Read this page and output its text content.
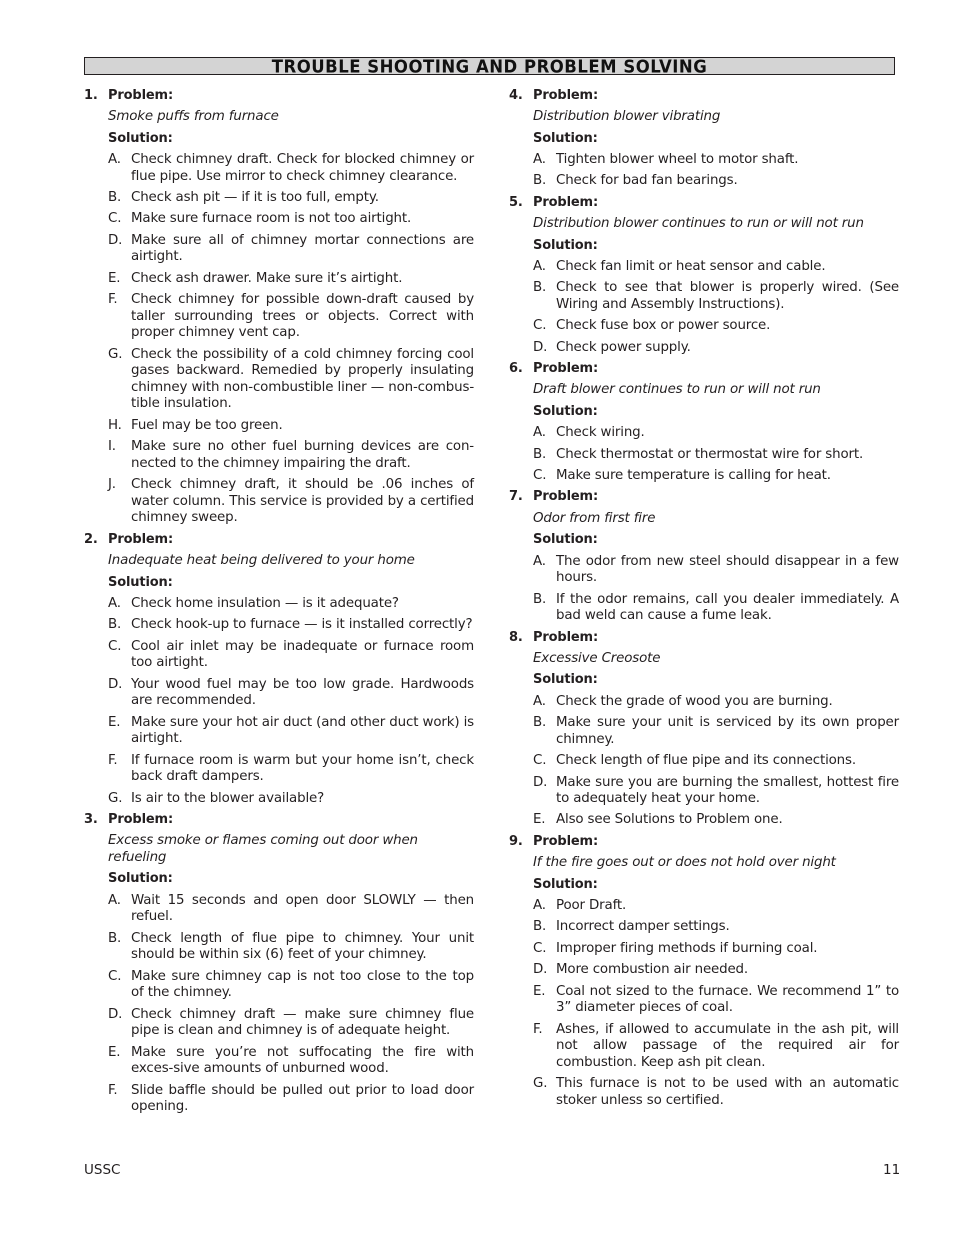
TROUBLE SHOOTING AND PROBLEM SOLVING
1. Problem:
Smoke puffs from furnace
Solution:
A. Check chimney draft. Check for blocked chimney or flue pipe. Use mirror to check chimney clearance.
B. Check ash pit — if it is too full, empty.
C. Make sure furnace room is not too airtight.
D. Make sure all of chimney mortar connections are airtight.
E. Check ash drawer. Make sure it’s airtight.
F.	Check chimney for possible down-draft caused by taller surrounding trees or objects. Correct with proper chimney vent cap.
G. Check the possibility of a cold chimney forcing cool gases backward. Remedied by properly insulating chimney with non-combustible liner — non-combus-tible insulation.
H. Fuel may be too green.
I.	Make sure no other fuel burning devices are con-nected to the chimney impairing the draft.
J.	Check chimney draft, it should be .06 inches of water column. This service is provided by a certified chimney sweep.
2. Problem:
Inadequate heat being delivered to your home
Solution:
A. Check home insulation — is it adequate?
B. Check hook-up to furnace — is it installed correctly?
C. Cool air inlet may be inadequate or furnace room too airtight.
D. Your wood fuel may be too low grade. Hardwoods are recommended.
E. Make sure your hot air duct (and other duct work) is airtight.
F.	If furnace room is warm but your home isn’t, check back draft dampers.
G. Is air to the blower available?
3. Problem:
Excess smoke or flames coming out door when refueling
Solution:
A. Wait 15 seconds and open door SLOWLY — then refuel.
B. Check length of flue pipe to chimney. Your unit should be within six (6) feet of your chimney.
C. Make sure chimney cap is not too close to the top of the chimney.
D. Check chimney draft — make sure chimney flue pipe is clean and chimney is of adequate height.
E. Make sure you’re not suffocating the fire with exces-sive amounts of unburned wood.
F.	Slide baffle should be pulled out prior to load door opening.
4. Problem:
Distribution blower vibrating
Solution:
A. Tighten blower wheel to motor shaft.
B. Check for bad fan bearings.
5. Problem:
Distribution blower continues to run or will not run
Solution:
A. Check fan limit or heat sensor and cable.
B. Check to see that blower is properly wired. (See Wiring and Assembly Instructions).
C. Check fuse box or power source.
D. Check power supply.
6. Problem:
Draft blower continues to run or will not run
Solution:
A. Check wiring.
B. Check thermostat or thermostat wire for short.
C. Make sure temperature is calling for heat.
7. Problem:
Odor from first fire
Solution:
A. The odor from new steel should disappear in a few hours.
B. If the odor remains, call you dealer immediately. A bad weld can cause a fume leak.
8. Problem:
Excessive Creosote
Solution:
A. Check the grade of wood you are burning.
B. Make sure your unit is serviced by its own proper chimney.
C. Check length of flue pipe and its connections.
D. Make sure you are burning the smallest, hottest fire to adequately heat your home.
E. Also see Solutions to Problem one.
9. Problem:
If the fire goes out or does not hold over night
Solution:
A. Poor Draft.
B. Incorrect damper settings.
C. Improper firing methods if burning coal.
D. More combustion air needed.
E. Coal not sized to the furnace. We recommend 1” to 3” diameter pieces of coal.
F.	Ashes, if allowed to accumulate in the ash pit, will not allow passage of the required air for combustion. Keep ash pit clean.
G. This furnace is not to be used with an automatic stoker unless so certified.
USSC	11
